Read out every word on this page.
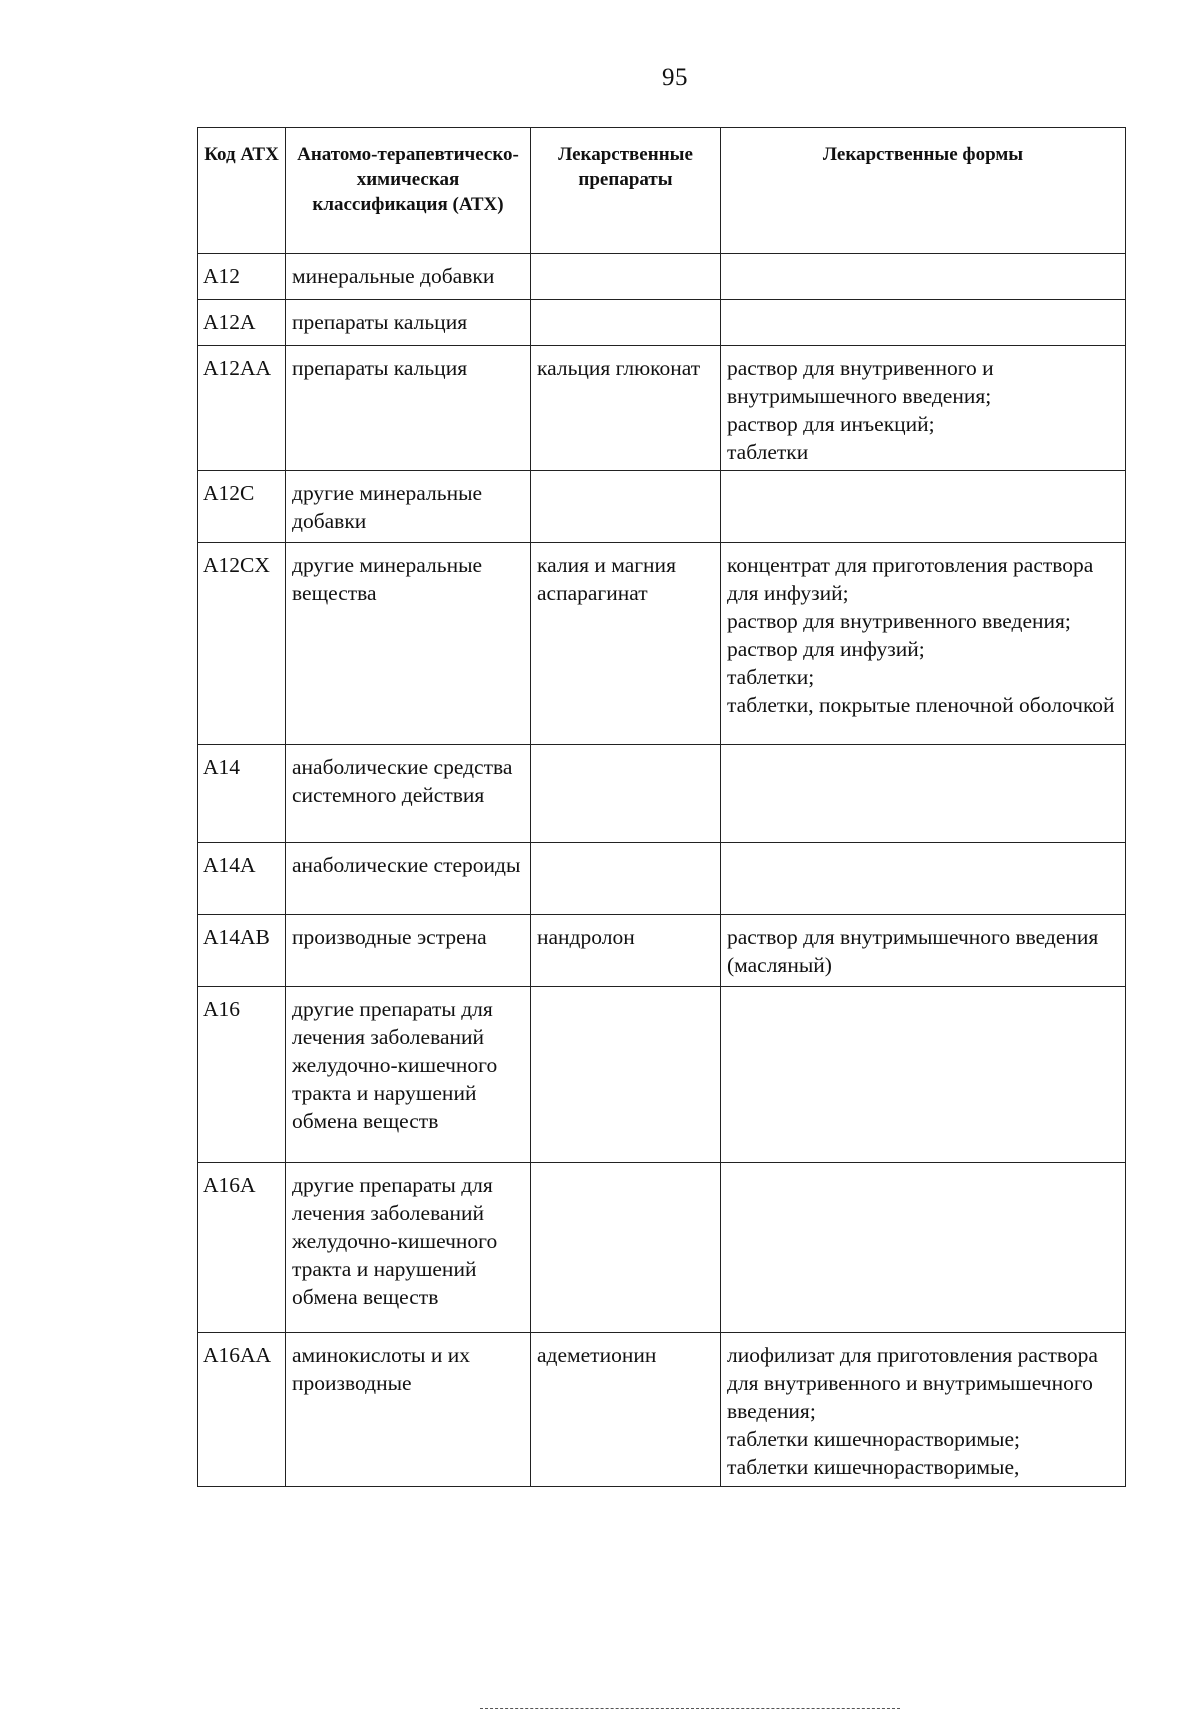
95
Код АТХ	Анатомо-терапевтическо-химическая классификация (АТХ)	Лекарственные препараты	Лекарственные формы
A12	минеральные добавки		
A12A	препараты кальция		
A12AA	препараты кальция	кальция глюконат	раствор для внутривенного и внутримышечного введения;
раствор для инъекций;
таблетки

A12C	другие минеральные добавки		
A12CX	другие минеральные вещества	калия и магния аспарагинат	концентрат для приготовления раствора для инфузий;
раствор для внутривенного введения; раствор для инфузий;
таблетки;
таблетки, покрытые пленочной оболочкой

A14	анаболические средства системного действия		
A14A	анаболические стероиды		
A14AB	производные эстрена	нандролон	раствор для внутримышечного введения (масляный)

A16	другие препараты для лечения заболеваний желудочно-кишечного тракта и нарушений обмена веществ		
A16A	другие препараты для лечения заболеваний желудочно-кишечного тракта и нарушений обмена веществ		
A16AA	аминокислоты и их производные	адеметионин	лиофилизат для приготовления раствора для внутривенного и внутримышечного введения;
таблетки кишечнорастворимые;
таблетки кишечнорастворимые,
